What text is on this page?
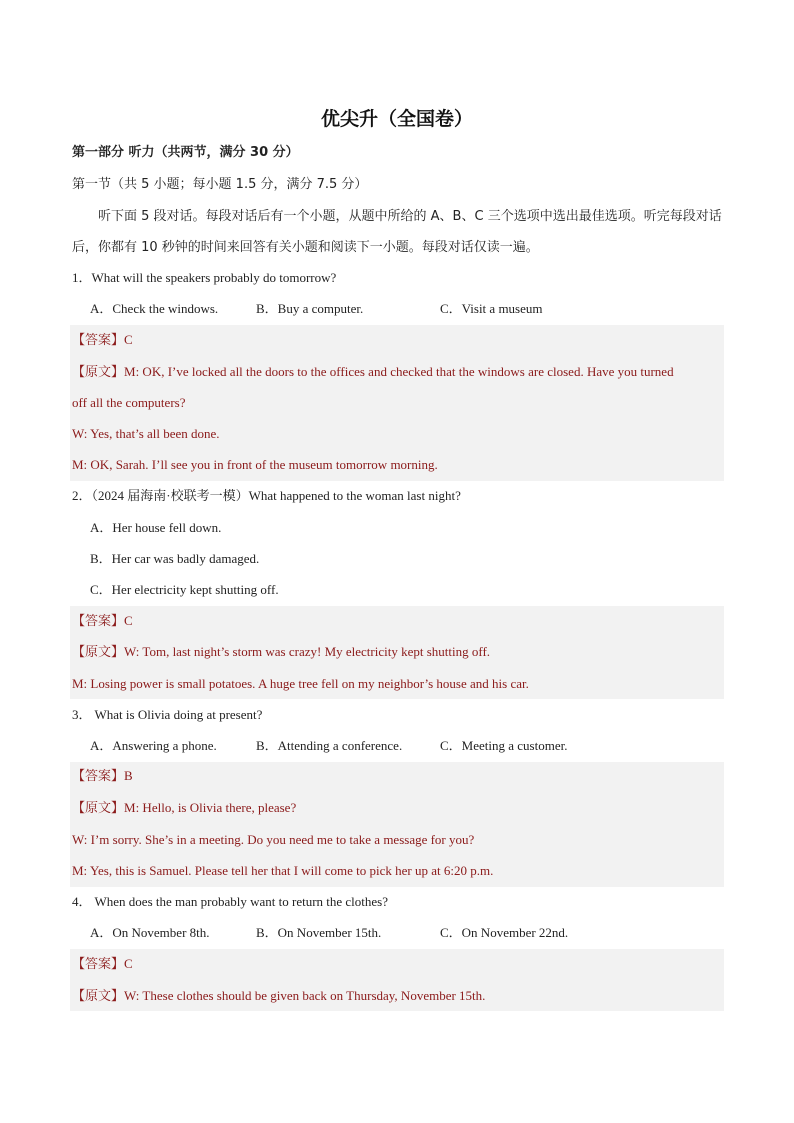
优尖升（全国卷）
第一部分 听力（共两节，满分 30 分）
第一节（共 5 小题；每小题 1.5 分，满分 7.5 分）
听下面 5 段对话。每段对话后有一个小题，从题中所给的 A、B、C 三个选项中选出最佳选项。听完每段对话后，你都有 10 秒钟的时间来回答有关小题和阅读下一小题。每段对话仅读一遍。
1．What will the speakers probably do tomorrow?
A．Check the windows.	B．Buy a computer.	C．Visit a museum
【答案】C
【原文】M: OK, I’ve locked all the doors to the offices and checked that the windows are closed. Have you turned
off all the computers?
W: Yes, that’s all been done.
M: OK, Sarah. I’ll see you in front of the museum tomorrow morning.
2．（2024 届海南·校联考一模）What happened to the woman last night?
A．Her house fell down.
B．Her car was badly damaged.
C．Her electricity kept shutting off.
【答案】C
【原文】W: Tom, last night’s storm was crazy! My electricity kept shutting off.
M: Losing power is small potatoes. A huge tree fell on my neighbor’s house and his car.
3． What is Olivia doing at present?
A．Answering a phone.	B．Attending a conference.	C．Meeting a customer.
【答案】B
【原文】M: Hello, is Olivia there, please?
W: I’m sorry. She’s in a meeting. Do you need me to take a message for you?
M: Yes, this is Samuel. Please tell her that I will come to pick her up at 6:20 p.m.
4． When does the man probably want to return the clothes?
A．On November 8th.	B．On November 15th.	C．On November 22nd.
【答案】C
【原文】W: These clothes should be given back on Thursday, November 15th.
